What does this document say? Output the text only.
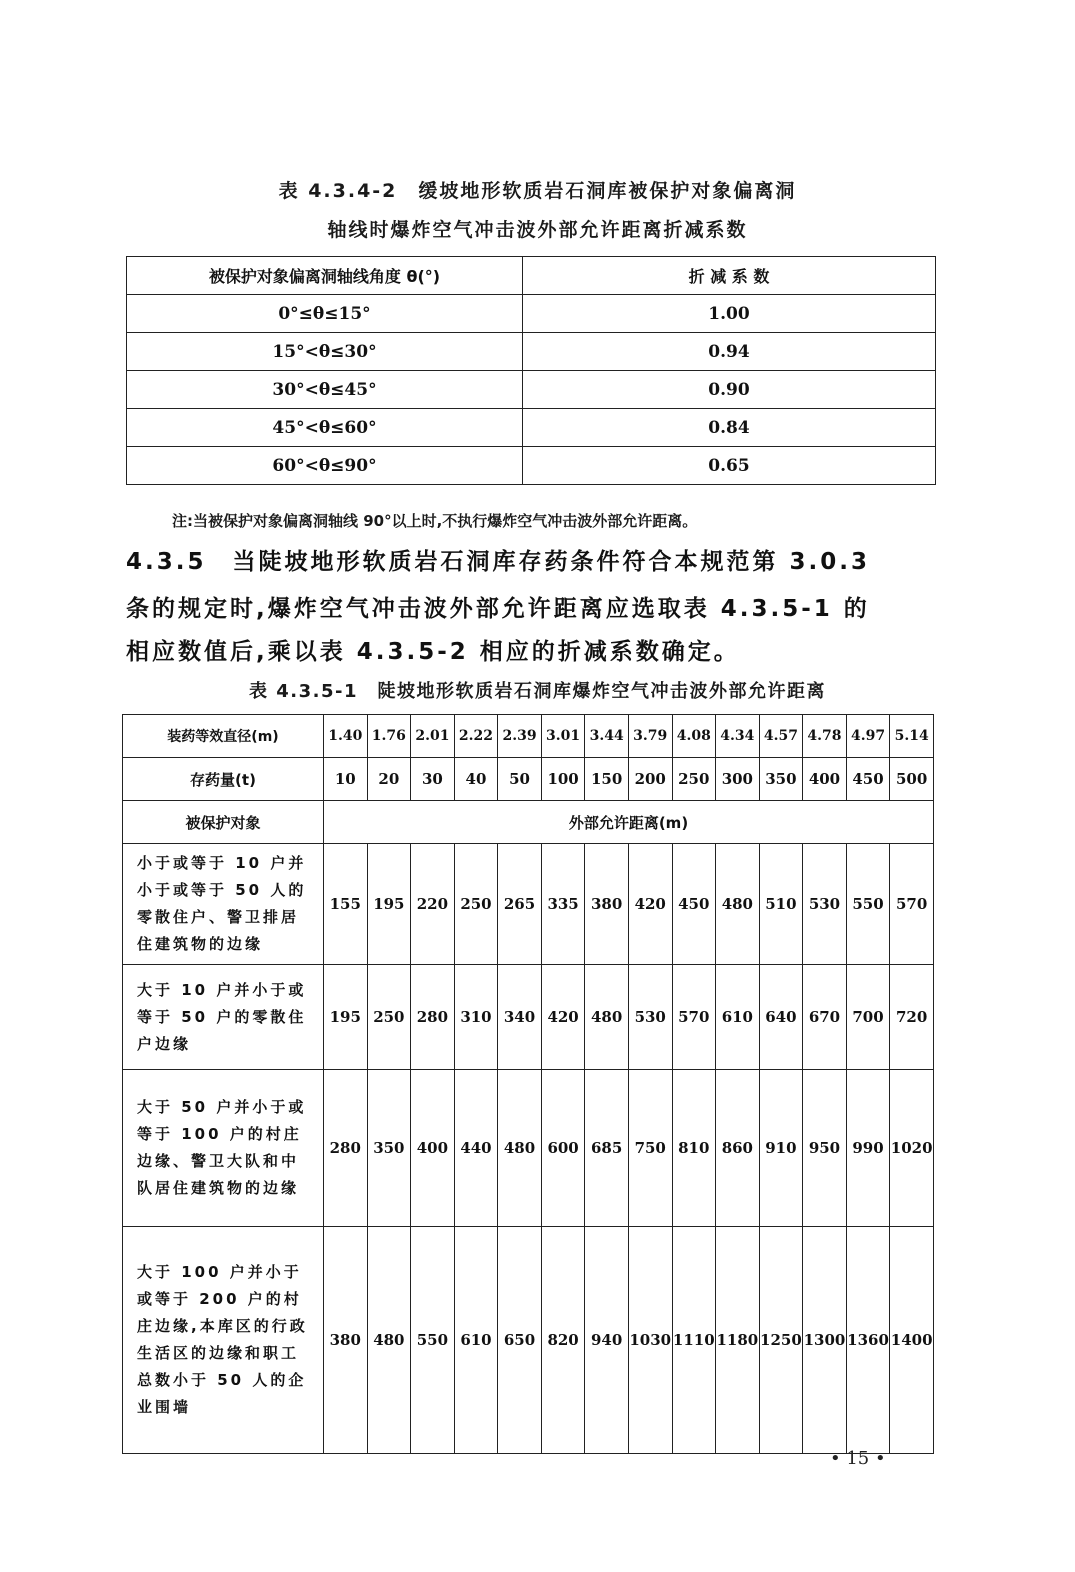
表 4.3.4-2　缓坡地形软质岩石洞库被保护对象偏离洞
轴线时爆炸空气冲击波外部允许距离折减系数
被保护对象偏离洞轴线角度 θ(°)	折 减 系 数
0°≤θ≤15°	1.00
15°<θ≤30°	0.94
30°<θ≤45°	0.90
45°<θ≤60°	0.84
60°<θ≤90°	0.65
注:当被保护对象偏离洞轴线 90°以上时,不执行爆炸空气冲击波外部允许距离。
4.3.5　当陡坡地形软质岩石洞库存药条件符合本规范第 3.0.3
条的规定时,爆炸空气冲击波外部允许距离应选取表 4.3.5-1 的
相应数值后,乘以表 4.3.5-2 相应的折减系数确定。
表 4.3.5-1　陡坡地形软质岩石洞库爆炸空气冲击波外部允许距离
装药等效直径(m)	1.40	1.76	2.01	2.22	2.39	3.01	3.44	3.79	4.08	4.34	4.57	4.78	4.97	5.14
存药量(t)	10	20	30	40	50	100	150	200	250	300	350	400	450	500
被保护对象	外部允许距离(m)													
小于或等于 10 户并小于或等于 50 人的零散住户、警卫排居住建筑物的边缘	155	195	220	250	265	335	380	420	450	480	510	530	550	570
大于 10 户并小于或等于 50 户的零散住户边缘	195	250	280	310	340	420	480	530	570	610	640	670	700	720
大于 50 户并小于或等于 100 户的村庄边缘、警卫大队和中队居住建筑物的边缘	280	350	400	440	480	600	685	750	810	860	910	950	990	1020
大于 100 户并小于或等于 200 户的村庄边缘,本库区的行政生活区的边缘和职工总数小于 50 人的企业围墙	380	480	550	610	650	820	940	1030	1110	1180	1250	1300	1360	1400
• 15 •
